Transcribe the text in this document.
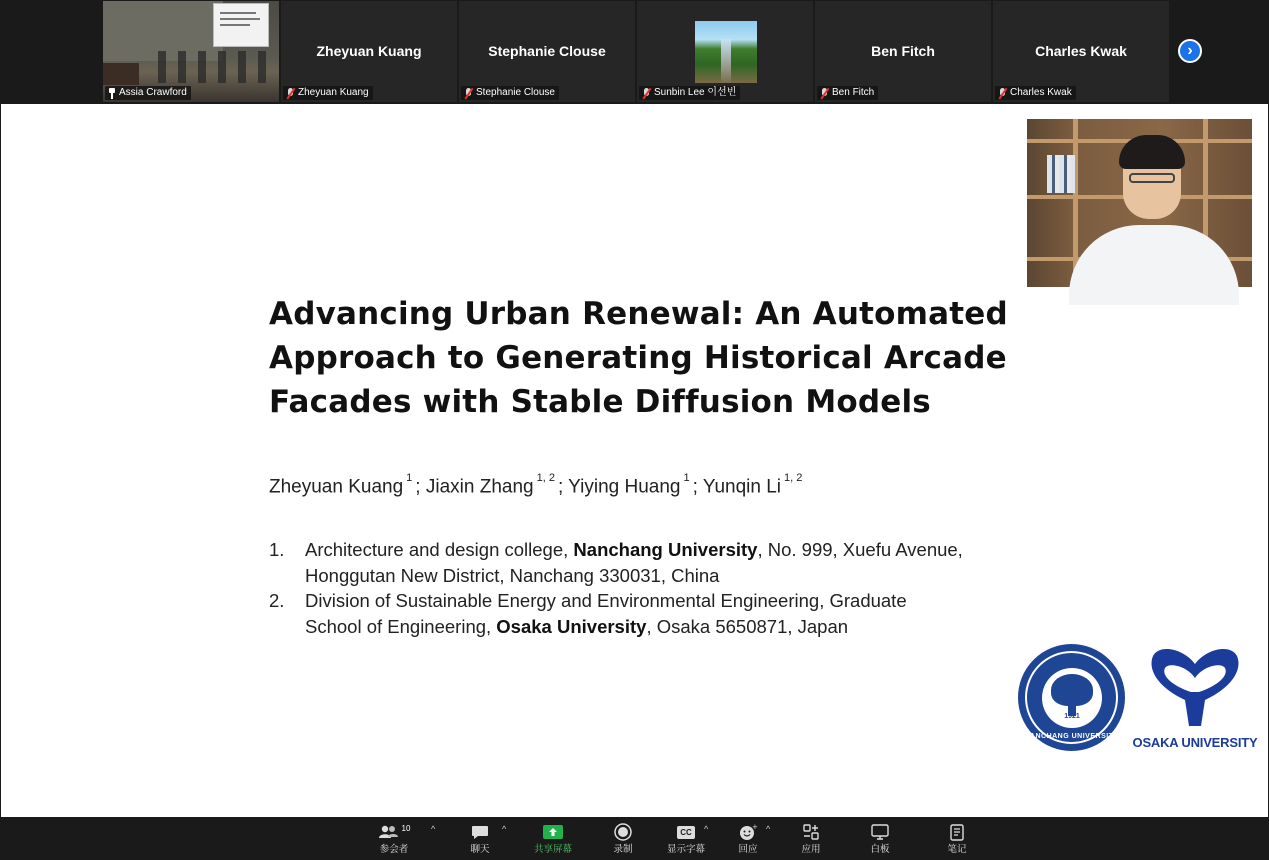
Assia Crawford
Zheyuan Kuang
Zheyuan Kuang
Stephanie Clouse
Stephanie Clouse	Sunbin Lee 이선빈
Ben Fitch
Ben Fitch
Charles Kwak
Charles Kwak
›
Advancing Urban Renewal: An Automated
Approach to Generating Historical Arcade
Facades with Stable Diffusion Models
Zheyuan Kuang $^1$ ; Jiaxin Zhang $^{1, 2}$ ; Yiying Huang $^1$ ; Yunqin Li $^{1, 2}$
1.	Architecture and design college, Nanchang University, No. 999, Xuefu Avenue,
Honggutan New District, Nanchang 330031, China
2.	Division of Sustainable Energy and Environmental Engineering, Graduate
School of Engineering, Osaka University, Osaka 5650871, Japan
1921
NANCHANG UNIVERSITY	OSAKA UNIVERSITY
10
参会者
^
聊天
^
共享屏幕	录制
CC
显示字幕
^	+
回应
^
应用	白板	笔记
